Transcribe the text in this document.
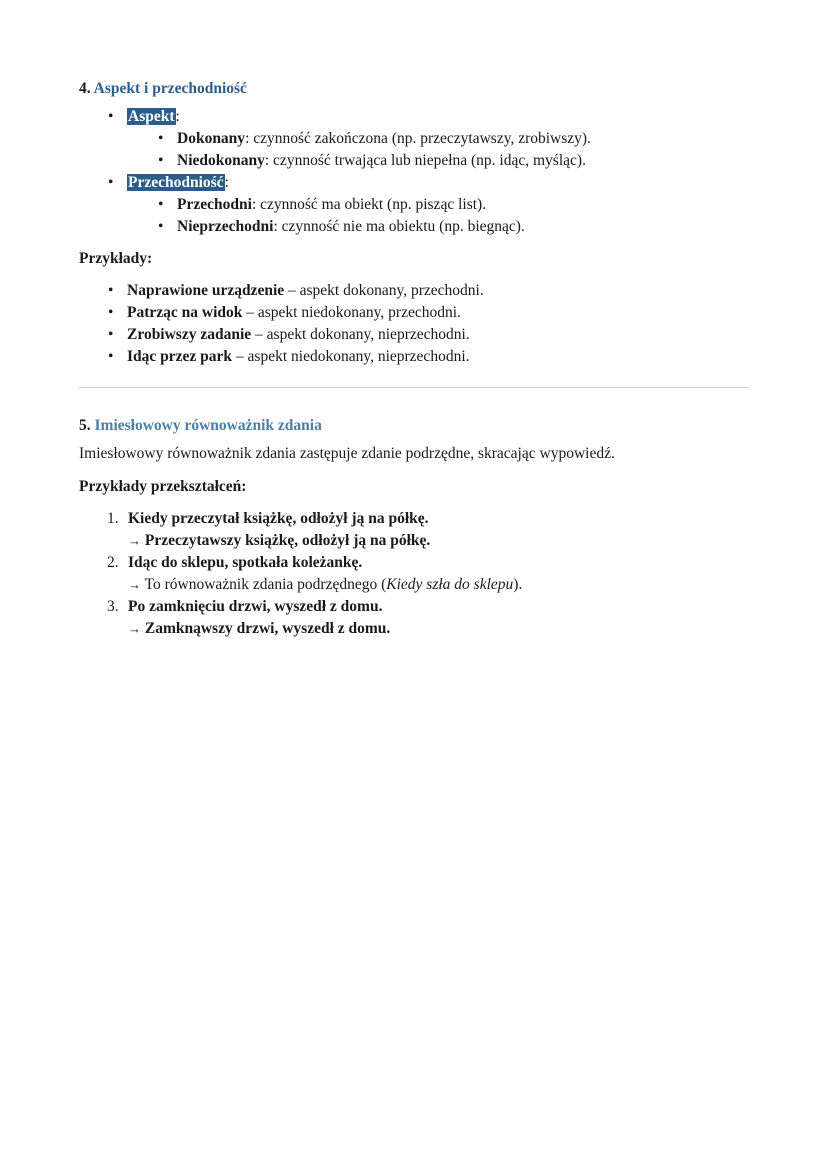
4. Aspekt i przechodniość
• Aspekt:
• Dokonany: czynność zakończona (np. przeczytawszy, zrobiwszy).
• Niedokonany: czynność trwająca lub niepełna (np. idąc, myśląc).
• Przechodniość:
• Przechodni: czynność ma obiekt (np. pisząc list).
• Nieprzechodni: czynność nie ma obiektu (np. biegnąc).
Przykłady:
• Naprawione urządzenie – aspekt dokonany, przechodni.
• Patrząc na widok – aspekt niedokonany, przechodni.
• Zrobiwszy zadanie – aspekt dokonany, nieprzechodni.
• Idąc przez park – aspekt niedokonany, nieprzechodni.
5. Imiesłowowy równoważnik zdania
Imiesłowowy równoważnik zdania zastępuje zdanie podrzędne, skracając wypowiedź.
Przykłady przekształceń:
1. Kiedy przeczytał książkę, odłożył ją na półkę.
→ Przeczytawszy książkę, odłożył ją na półkę.
2. Idąc do sklepu, spotkała koleżankę.
→ To równoważnik zdania podrzędnego (Kiedy szła do sklepu).
3. Po zamknięciu drzwi, wyszedł z domu.
→ Zamknąwszy drzwi, wyszedł z domu.
